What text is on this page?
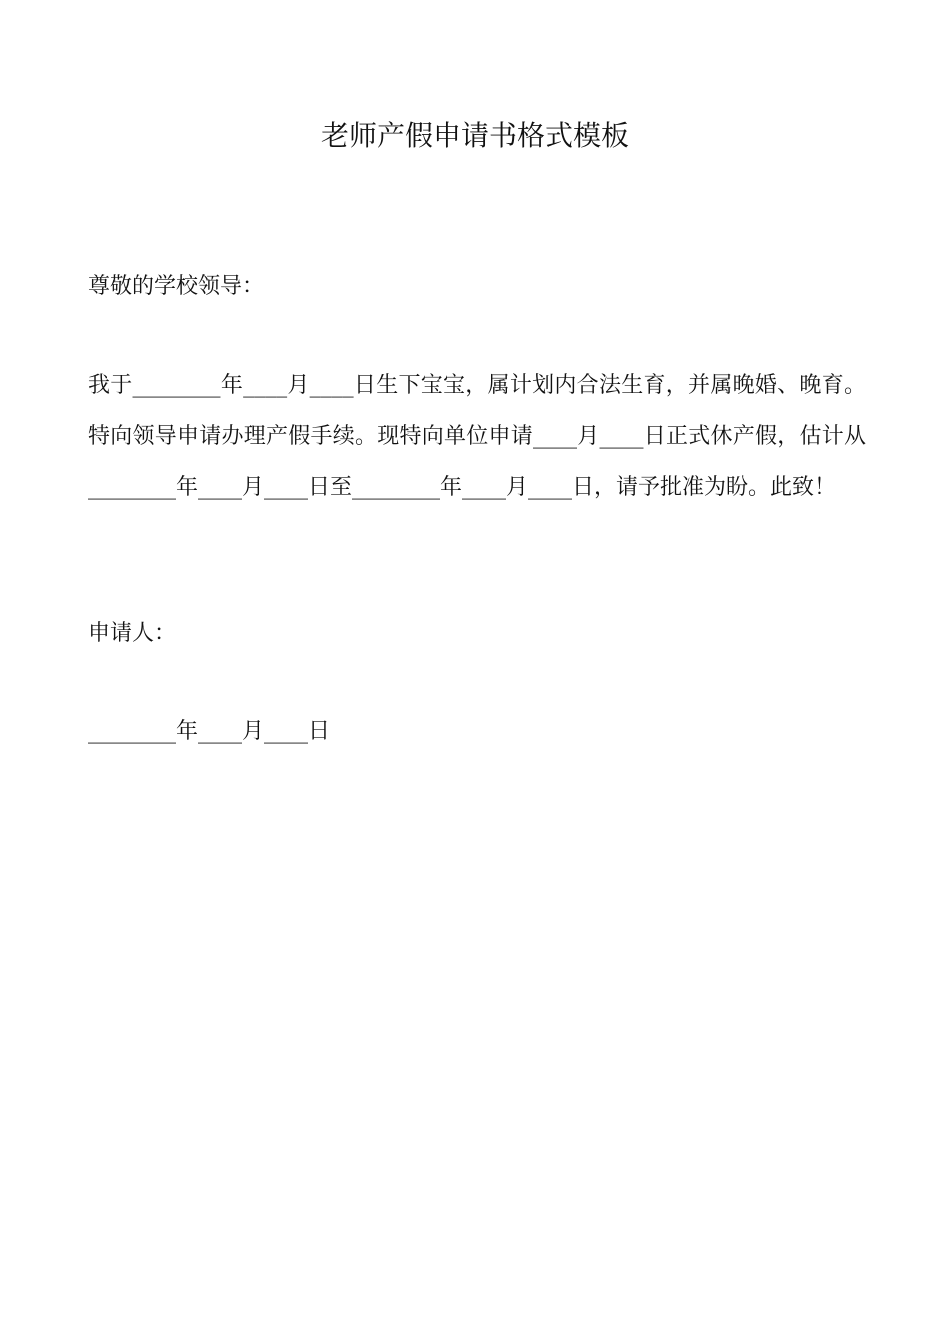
老师产假申请书格式模板

尊敬的学校领导：

我于________年____月____日生下宝宝，属计划内合法生育，并属晚婚、晚育。特向领导申请办理产假手续。现特向单位申请____月____日正式休产假，估计从________年____月____日至________年____月____日，请予批准为盼。此致！

申请人：

________年____月____日
